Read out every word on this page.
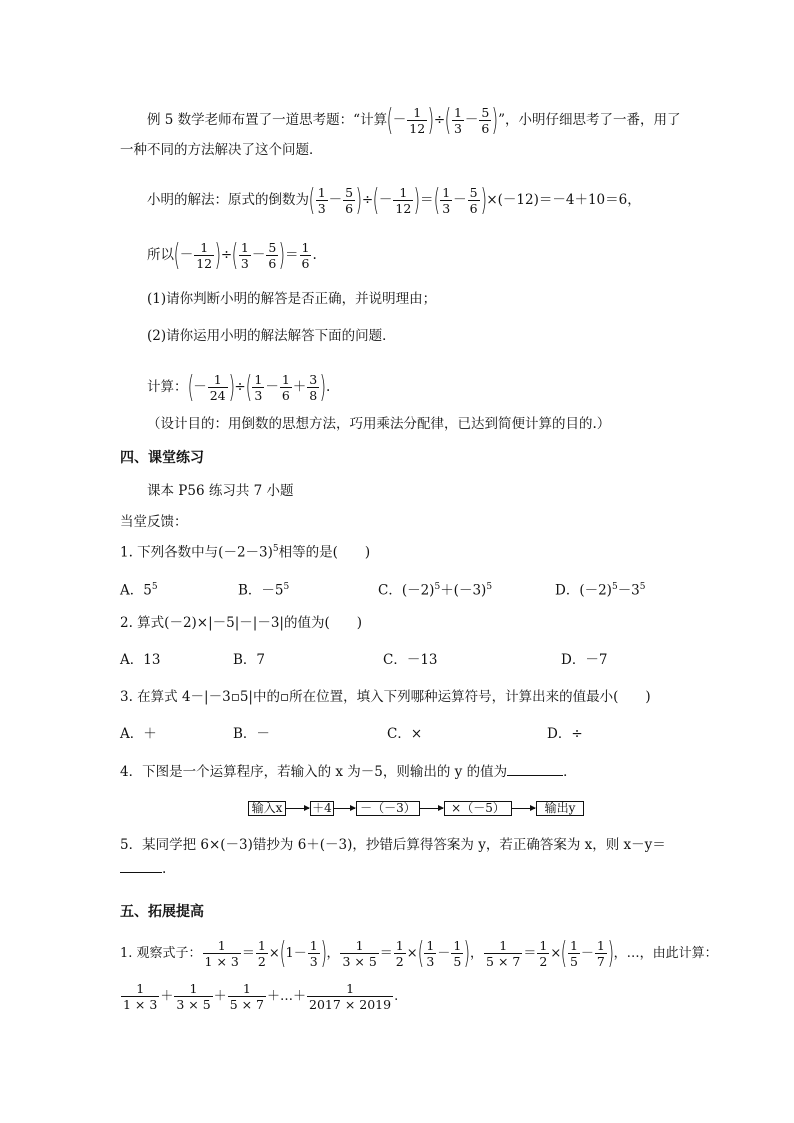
例 5 数学老师布置了一道思考题：“计算(－ $\frac{1}{12}$ )÷( $\frac{1}{3} - \frac{5}{6}$ )”，小明仔细思考了一番，用了
一种不同的方法解决了这个问题．
小明的解法：原式的倒数为( $\frac{1}{3} - \frac{5}{6}$ )÷(－ $\frac{1}{12}$ )＝( $\frac{1}{3} - \frac{5}{6} )\times(-12)=-4+10=6$，
所以(－ $\frac{1}{12}$ )÷( $\frac{1}{3} - \frac{5}{6}$ )＝ $\frac{1}{6}$ .
(1)请你判断小明的解答是否正确，并说明理由；
(2)请你运用小明的解法解答下面的问题．
计算：(－ $\frac{1}{24}$ )÷( $\frac{1}{3} - \frac{1}{6} + \frac{3}{8}$ ).
（设计目的：用倒数的思想方法，巧用乘法分配律，已达到简便计算的目的.）
四、课堂练习
课本 P56 练习共 7 小题
当堂反馈：
1. 下列各数中与$(-2-3)^5$相等的是(　　)
A．$5^5$	B．$-5^5$	C．$(-2)^5+(-3)^5$	D．$(-2)^5-3^5$
2. 算式(－2)×|－5|－|－3|的值为(　　)
A．13	B．7	C．－13	D．－7
3. 在算式 4－|－3▫5|中的▫所在位置，填入下列哪种运算符号，计算出来的值最小(　　)
A．＋	B．－	C．×	D．÷
4．下图是一个运算程序，若输入的 x 为－5，则输出的 y 的值为	．
输入x	＋4	－（－3）	×（－5）	输出y
5．某同学把 6×(－3)错抄为 6＋(－3)，抄错后算得答案为 y，若正确答案为 x，则 x－y＝
.
五、拓展提高
1. 观察式子： $\frac{1}{1 \times 3} = \frac{1}{2} \times(1- \frac{1}{3}$ )， $\frac{1}{3 \times 5} = \frac{1}{2}$ ×( $\frac{1}{3} - \frac{1}{5}$ )， $\frac{1}{5 \times 7} = \frac{1}{2}$ ×( $\frac{1}{5} - \frac{1}{7}$ )，…，由此计算：
$\frac{1}{1 \times 3} + \frac{1}{3 \times 5} + \frac{1}{5 \times 7}$ ＋…＋ $\frac{1}{2017 \times 2019}$ .
